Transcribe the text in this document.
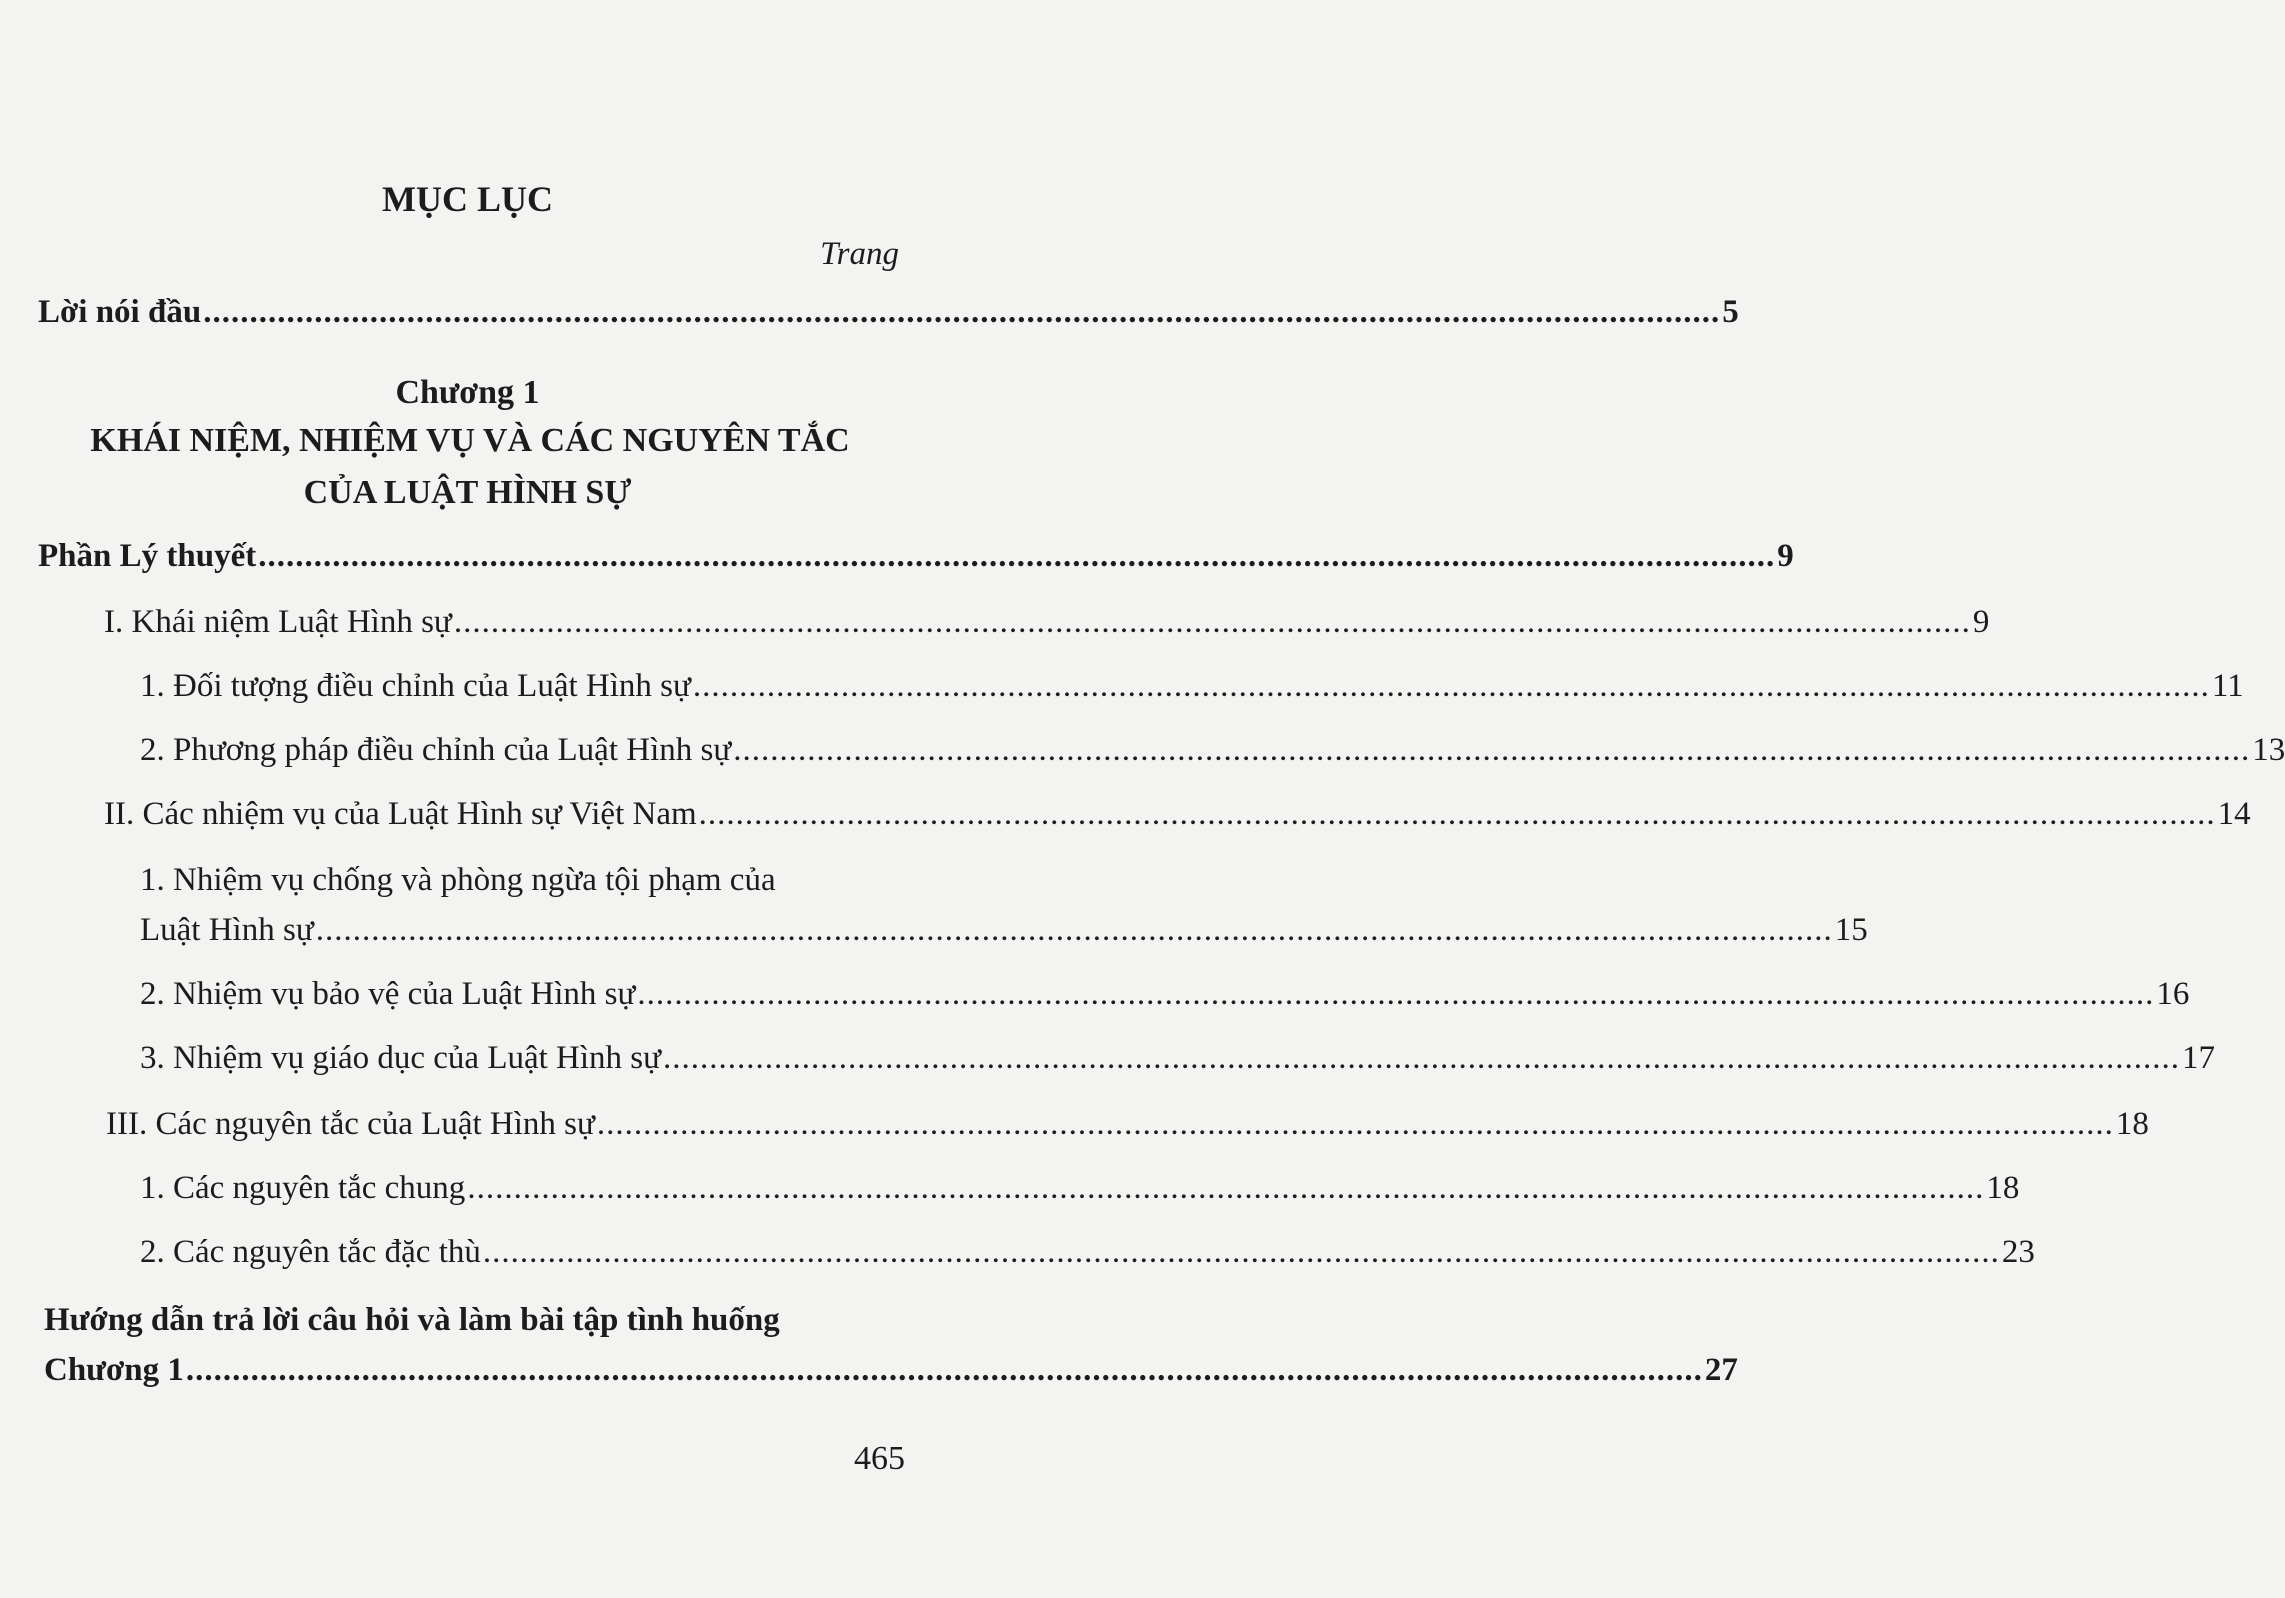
MỤC LỤC
Trang
Lời nói đầu .................................................................................................................................................................... 5
Chương 1
KHÁI NIỆM, NHIỆM VỤ VÀ CÁC NGUYÊN TẮC
CỦA LUẬT HÌNH SỰ
Phần Lý thuyết .................................................................................................................................................................... 9
I. Khái niệm Luật Hình sự .................................................................................................................................................................... 9
1. Đối tượng điều chỉnh của Luật Hình sự .................................................................................................................................................................... 11
2. Phương pháp điều chỉnh của Luật Hình sự .................................................................................................................................................................... 13
II. Các nhiệm vụ của Luật Hình sự Việt Nam .................................................................................................................................................................... 14
1. Nhiệm vụ chống và phòng ngừa tội phạm của
Luật Hình sự .................................................................................................................................................................... 15
2. Nhiệm vụ bảo vệ của Luật Hình sự .................................................................................................................................................................... 16
3. Nhiệm vụ giáo dục của Luật Hình sự .................................................................................................................................................................... 17
III. Các nguyên tắc của Luật Hình sự .................................................................................................................................................................... 18
1. Các nguyên tắc chung .................................................................................................................................................................... 18
2. Các nguyên tắc đặc thù .................................................................................................................................................................... 23
Hướng dẫn trả lời câu hỏi và làm bài tập tình huống
Chương 1 .................................................................................................................................................................... 27
465
